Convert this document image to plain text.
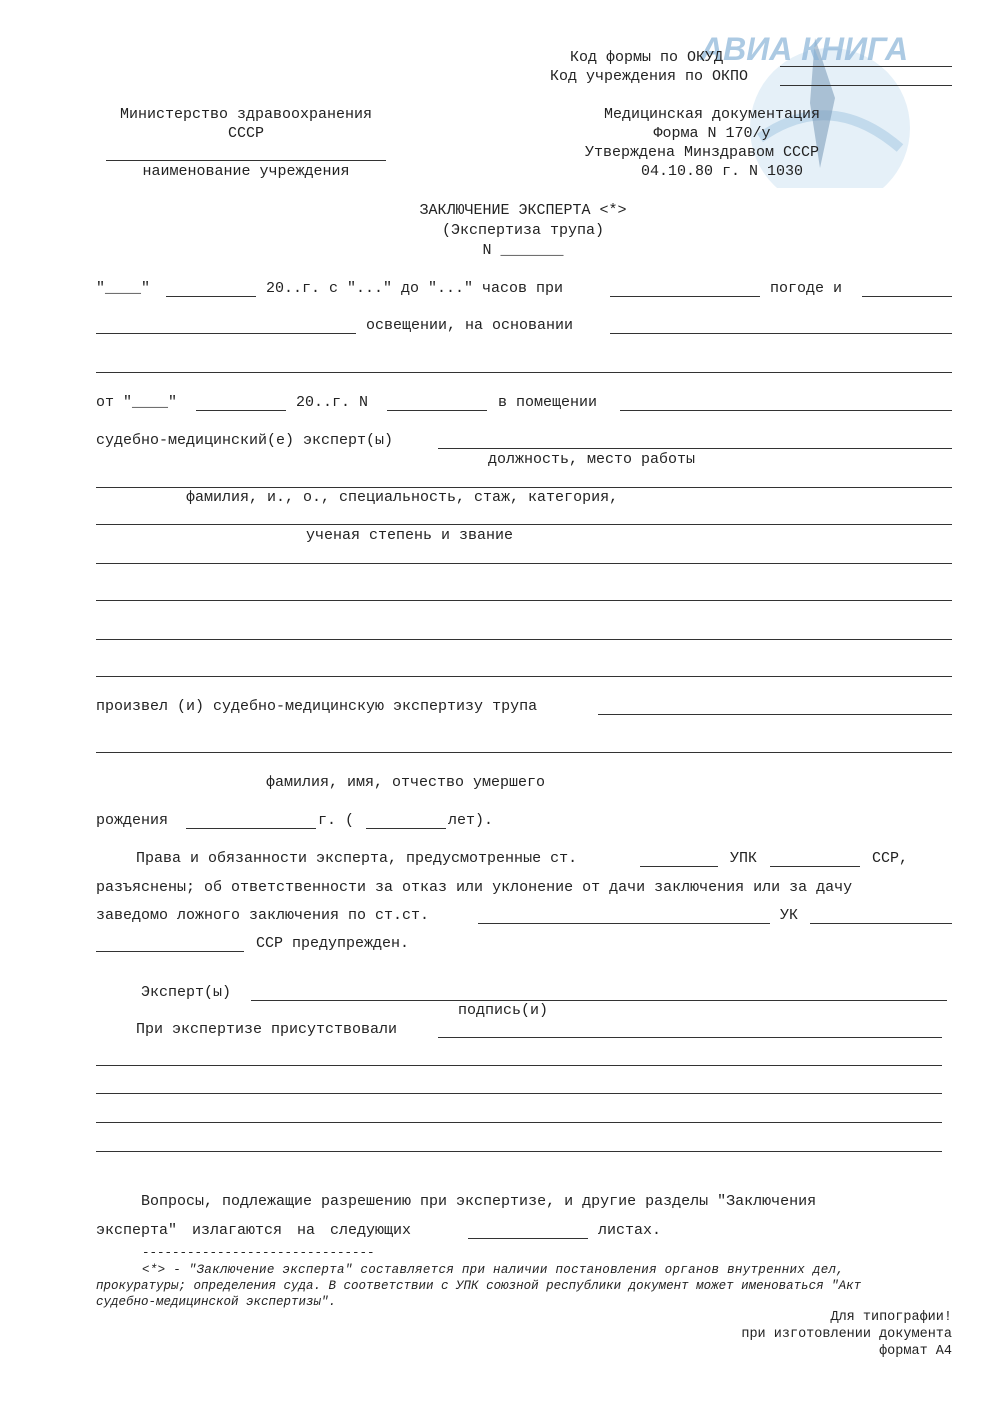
АВИА КНИГА
Код формы по ОКУД
Код учреждения по ОКПО
Министерство здравоохранения
СССР
наименование учреждения
Медицинская документация
Форма N 170/у
Утверждена Минздравом СССР
04.10.80 г. N 1030
ЗАКЛЮЧЕНИЕ ЭКСПЕРТА <*>
(Экспертиза трупа)
N _______
"____"	20..г. с "..." до "..." часов при	погоде и
освещении, на основании
от "____"	20..г. N	в помещении
судебно-медицинский(е) эксперт(ы)
должность, место работы
фамилия, и., о., специальность, стаж, категория,
ученая степень и звание
произвел (и) судебно-медицинскую экспертизу трупа
фамилия, имя, отчество умершего
рождения	г. (	лет).
Права и обязанности эксперта, предусмотренные ст.	УПК	ССР,
разъяснены; об ответственности за отказ или уклонение от дачи заключения или за дачу
заведомо ложного заключения по ст.ст.	УК
ССР предупрежден.
Эксперт(ы)
подпись(и)
При экспертизе присутствовали
Вопросы, подлежащие разрешению при экспертизе, и другие разделы "Заключения
эксперта" излагаются на следующих	листах.
-------------------------------
<*> - "Заключение эксперта" составляется при наличии постановления органов внутренних дел,
прокуратуры; определения суда. В соответствии с УПК союзной республики документ может именоваться "Акт
судебно-медицинской экспертизы".
Для типографии!
при изготовлении документа
формат А4
